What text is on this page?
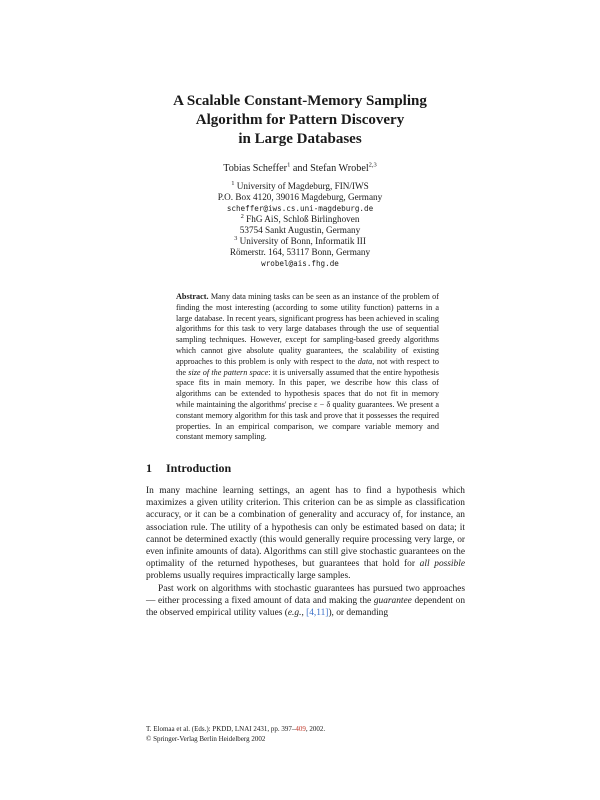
A Scalable Constant-Memory Sampling
Algorithm for Pattern Discovery
in Large Databases
Tobias Scheffer$^1$ and Stefan Wrobel$^{2,3}$
$^1$ University of Magdeburg, FIN/IWS
P.O. Box 4120, 39016 Magdeburg, Germany
scheffer@iws.cs.uni-magdeburg.de
$^2$ FhG AiS, Schloß Birlinghoven
53754 Sankt Augustin, Germany
$^3$ University of Bonn, Informatik III
Römerstr. 164, 53117 Bonn, Germany
wrobel@ais.fhg.de
Abstract. Many data mining tasks can be seen as an instance of the problem of finding the most interesting (according to some utility function) patterns in a large database. In recent years, significant progress has been achieved in scaling algorithms for this task to very large databases through the use of sequential sampling techniques. However, except for sampling-based greedy algorithms which cannot give absolute quality guarantees, the scalability of existing approaches to this problem is only with respect to the data, not with respect to the size of the pattern space: it is universally assumed that the entire hypothesis space fits in main memory. In this paper, we describe how this class of algorithms can be extended to hypothesis spaces that do not fit in memory while maintaining the algorithms' precise ε − δ quality guarantees. We present a constant memory algorithm for this task and prove that it possesses the required properties. In an empirical comparison, we compare variable memory and constant memory sampling.
1 Introduction

In many machine learning settings, an agent has to find a hypothesis which maximizes a given utility criterion. This criterion can be as simple as classification accuracy, or it can be a combination of generality and accuracy of, for instance, an association rule. The utility of a hypothesis can only be estimated based on data; it cannot be determined exactly (this would generally require processing very large, or even infinite amounts of data). Algorithms can still give stochastic guarantees on the optimality of the returned hypotheses, but guarantees that hold for all possible problems usually requires impractically large samples.

Past work on algorithms with stochastic guarantees has pursued two approaches — either processing a fixed amount of data and making the guarantee dependent on the observed empirical utility values (e.g., [4,11]), or demanding

T. Elomaa et al. (Eds.): PKDD, LNAI 2431, pp. 397–409, 2002.
© Springer-Verlag Berlin Heidelberg 2002
